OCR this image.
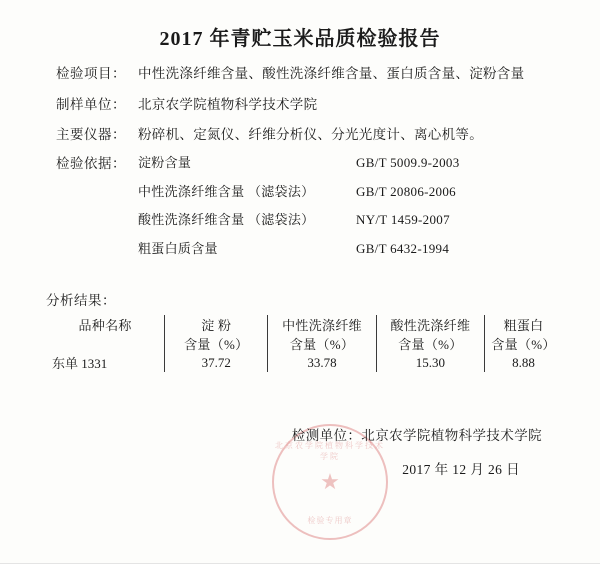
2017 年青贮玉米品质检验报告
检验项目： 中性洗涤纤维含量、酸性洗涤纤维含量、蛋白质含量、淀粉含量
制样单位： 北京农学院植物科学技术学院
主要仪器： 粉碎机、定氮仪、纤维分析仪、分光光度计、离心机等。
检验依据： 淀粉含量	GB/T 5009.9-2003
中性洗涤纤维含量 （滤袋法）	GB/T 20806-2006
酸性洗涤纤维含量 （滤袋法）	NY/T 1459-2007
粗蛋白质含量	GB/T 6432-1994
分析结果：
品种名称	淀 粉	中性洗涤纤维	酸性洗涤纤维	粗蛋白
	含量（%）	含量（%）	含量（%）	含量（%）
东单 1331	37.72	33.78	15.30	8.88
北京农学院植物科学技术学院
★
检验专用章
检测单位：北京农学院植物科学技术学院
2017 年 12 月 26 日
